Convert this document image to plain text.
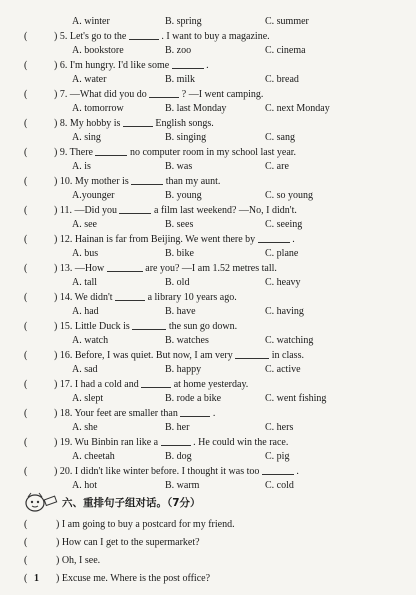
A. winter	B. spring	C. summer
(	) 5. Let's go to the	. I want to buy a magazine.
A. bookstore	B. zoo	C. cinema
(	) 6. I'm hungry. I'd like some	.
A. water	B. milk	C. bread
(	) 7. —What did you do	? —I went camping.
A. tomorrow	B. last Monday	C. next Monday
(	) 8. My hobby is	English songs.
A. sing	B. singing	C. sang
(	) 9. There	no computer room in my school last year.
A. is	B. was	C. are
(	) 10. My mother is	than my aunt.
A.younger	B. young	C. so young
(	) 11. —Did you	a film last weekend? —No, I didn't.
A. see	B. sees	C. seeing
(	) 12. Hainan is far from Beijing. We went there by	.
A. bus	B. bike	C. plane
(	) 13. —How	are you? —I am 1.52 metres tall.
A. tall	B. old	C. heavy
(	) 14. We didn't	a library 10 years ago.
A. had	B. have	C. having
(	) 15. Little Duck is	the sun go down.
A. watch	B. watches	C. watching
(	) 16. Before, I was quiet. But now, I am very	in class.
A. sad	B. happy	C. active
(	) 17. I had a cold and	at home yesterday.
A. slept	B. rode a bike	C. went fishing
(	) 18. Your feet are smaller than	.
A. she	B. her	C. hers
(	) 19. Wu Binbin ran like a	. He could win the race.
A. cheetah	B. dog	C. pig
(	) 20. I didn't like winter before. I thought it was too	.
A. hot	B. warm	C. cold
六、重排句子组对话。（7分）
(	) I am going to buy a postcard for my friend.
(	) How can I get to the supermarket?
(	) Oh, I see.
( 1 ) Excuse me. Where is the post office?
